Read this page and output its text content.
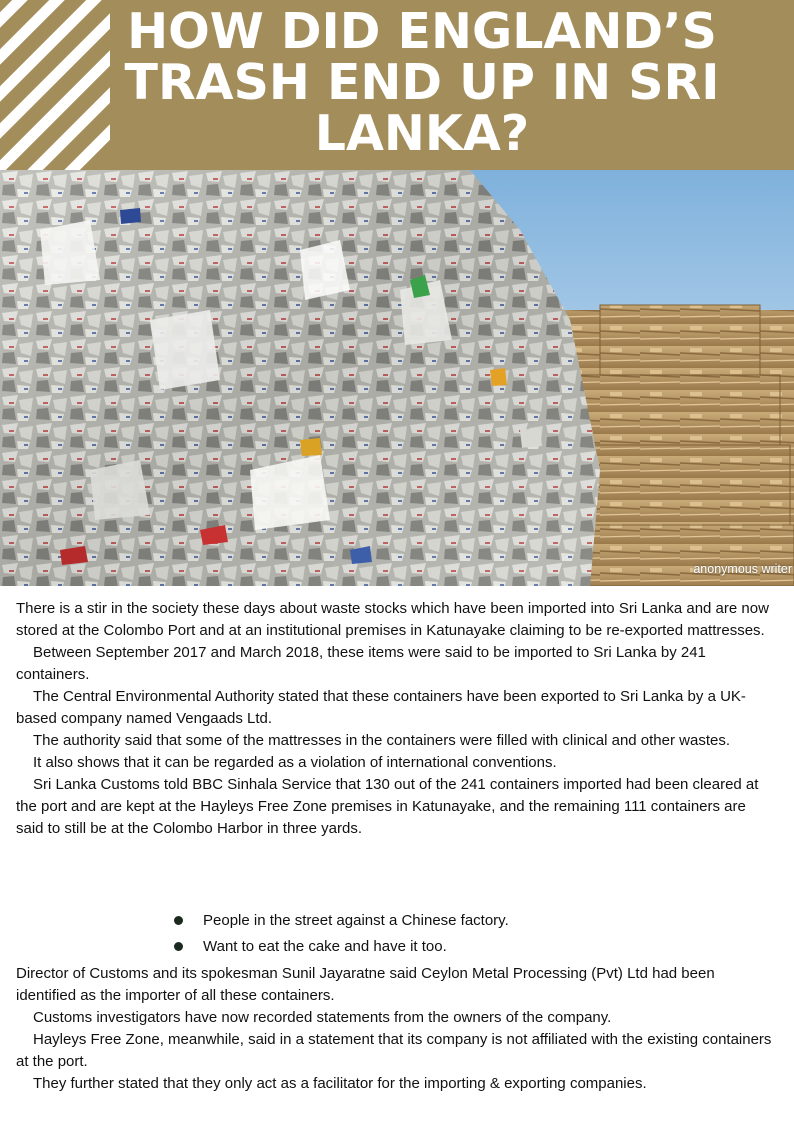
HOW DID ENGLAND’S
TRASH END UP IN SRI
LANKA?
anonymous writer

There is a stir in the society these days about waste stocks which have been imported into Sri Lanka and are now stored at the Colombo Port and at an institutional premises in Katunayake claiming to be re-exported mattresses.

Between September 2017 and March 2018, these items were said to be imported to Sri Lanka by 241 containers.

The Central Environmental Authority stated that these containers have been exported to Sri Lanka by a UK-based company named Vengaads Ltd.

The authority said that some of the mattresses in the containers were filled with clinical and other wastes.

It also shows that it can be regarded as a violation of international conventions.

Sri Lanka Customs told BBC Sinhala Service that 130 out of the 241 containers imported had been cleared at the port and are kept at the Hayleys Free Zone premises in Katunayake, and the remaining 111 containers are said to still be at the Colombo Harbor in three yards.

People in the street against a Chinese factory.
Want to eat the cake and have it too.

Director of Customs and its spokesman Sunil Jayaratne said Ceylon Metal Processing (Pvt) Ltd had been identified as the importer of all these containers.

Customs investigators have now recorded statements from the owners of the company.

Hayleys Free Zone, meanwhile, said in a statement that its company is not affiliated with the existing containers at the port.

They further stated that they only act as a facilitator for the importing & exporting companies.
